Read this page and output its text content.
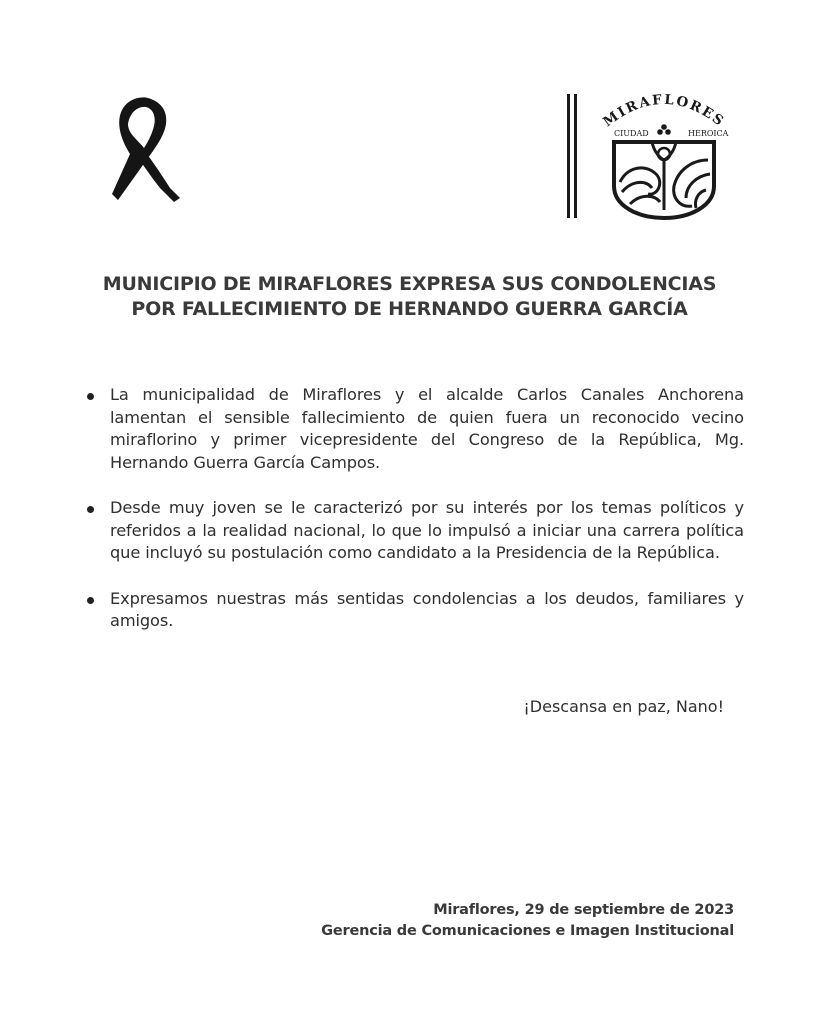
MIRAFLORES
CIUDAD	HEROICA
MUNICIPIO DE MIRAFLORES EXPRESA SUS CONDOLENCIAS
POR FALLECIMIENTO DE HERNANDO GUERRA GARCÍA
La municipalidad de Miraflores y el alcalde Carlos Canales Anchorena lamentan el sensible fallecimiento de quien fuera un reconocido vecino miraflorino y primer vicepresidente del Congreso de la República, Mg. Hernando Guerra García Campos.
Desde muy joven se le caracterizó por su interés por los temas políticos y referidos a la realidad nacional, lo que lo impulsó a iniciar una carrera política que incluyó su postulación como candidato a la Presidencia de la República.
Expresamos nuestras más sentidas condolencias a los deudos, familiares y amigos.

¡Descansa en paz, Nano!

Miraflores, 29 de septiembre de 2023
Gerencia de Comunicaciones e Imagen Institucional
